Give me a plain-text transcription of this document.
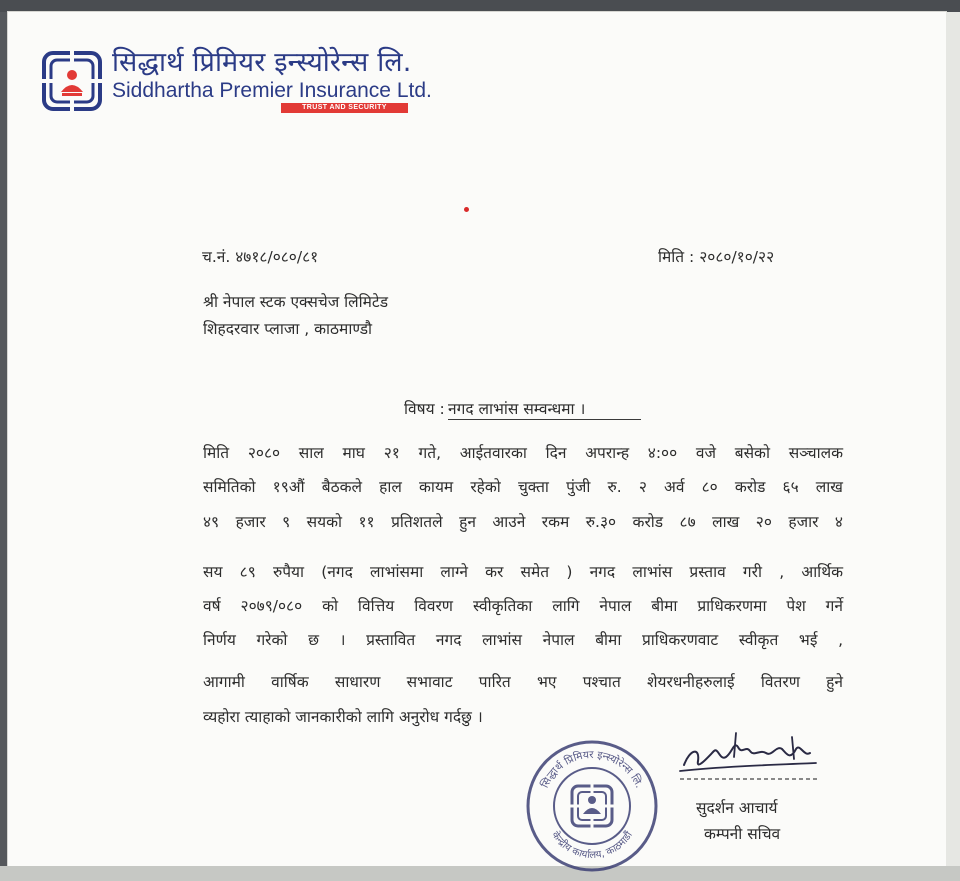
सिद्धार्थ प्रिमियर इन्स्योरेन्स लि.
Siddhartha Premier Insurance Ltd.
TRUST AND SECURITY
च.नं. ४७१८/०८०/८१	मिति : २०८०/१०/२२
श्री नेपाल स्टक एक्सचेज लिमिटेड
शिहदरवार प्लाजा , काठमाण्डौ
विषय : नगद लाभांस सम्वन्धमा ।
मिति २०८० साल माघ २१ गते, आईतवारका दिन अपरान्ह ४:०० वजे बसेको सञ्चालक
समितिको १९औं बैठकले हाल कायम रहेको चुक्ता पुंजी रु. २ अर्व ८० करोड ६५ लाख
४९ हजार ९ सयको ११ प्रतिशतले हुन आउने रकम रु.३० करोड ८७ लाख २० हजार ४
सय ८९ रुपैया (नगद लाभांसमा लाग्ने कर समेत ) नगद लाभांस प्रस्ताव गरी , आर्थिक
वर्ष २०७९/०८० को वित्तिय विवरण स्वीकृतिका लागि नेपाल बीमा प्राधिकरणमा पेश गर्ने
निर्णय गरेको छ । प्रस्तावित नगद लाभांस नेपाल बीमा प्राधिकरणवाट स्वीकृत भई ,
आगामी वार्षिक साधारण सभावाट पारित भए पश्चात शेयरधनीहरुलाई वितरण हुने
व्यहोरा त्याहाको जानकारीको लागि अनुरोध गर्दछु ।
सिद्धार्थ प्रिमियर इन्स्योरेन्स लि.
केन्द्रीय कार्यालय, काठमाडौं
सुदर्शन आचार्य
कम्पनी सचिव
